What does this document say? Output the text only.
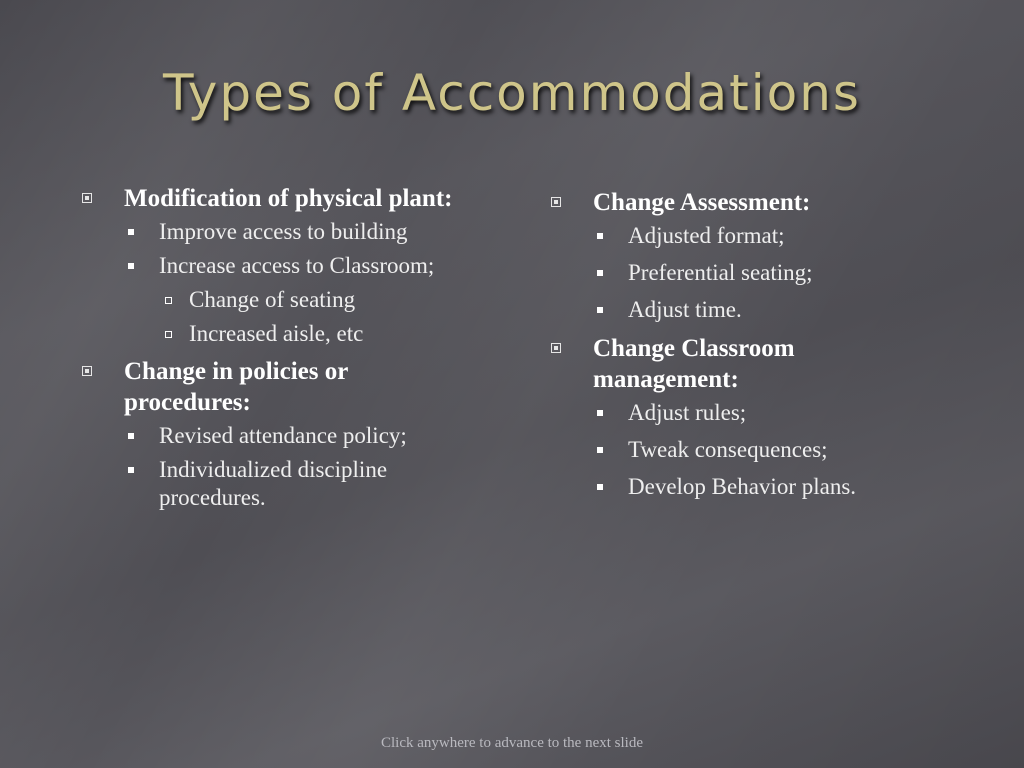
Types of Accommodations
Modification of physical plant:
Improve access to building
Increase access to Classroom;
Change of seating
Increased aisle, etc
Change in policies or procedures:
Revised attendance policy;
Individualized discipline procedures.
Change Assessment:
Adjusted format;
Preferential seating;
Adjust time.
Change Classroom management:
Adjust rules;
Tweak consequences;
Develop Behavior plans.
Click anywhere to advance to the next slide
